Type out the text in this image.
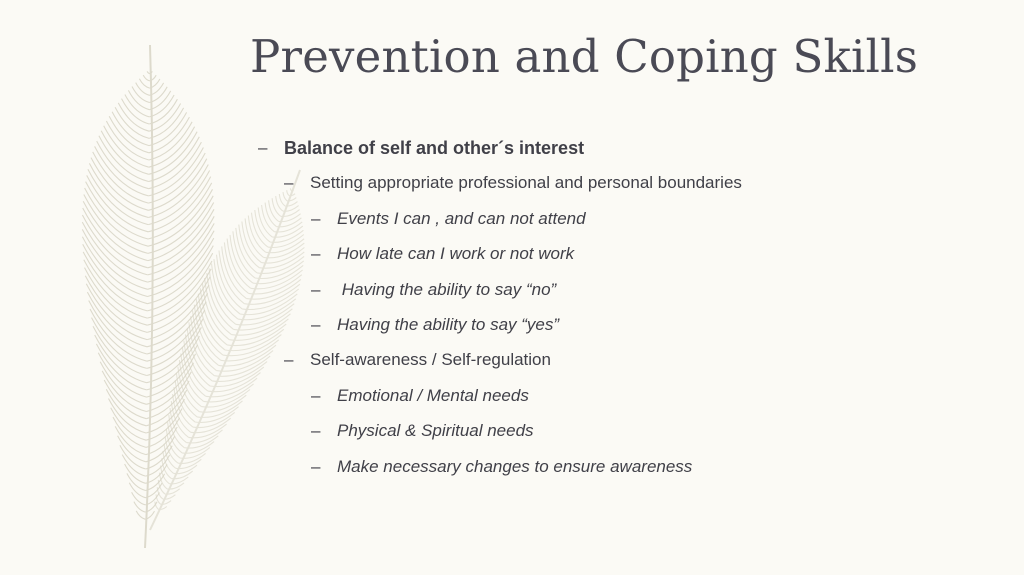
Prevention and Coping Skills
– Balance of self and other´s interest
– Setting appropriate professional and personal boundaries
– Events I can , and can not attend
– How late can I work or not work
– Having the ability to say “no”
– Having the ability to say “yes”
– Self-awareness / Self-regulation
– Emotional / Mental needs
– Physical & Spiritual needs
– Make necessary changes to ensure awareness
